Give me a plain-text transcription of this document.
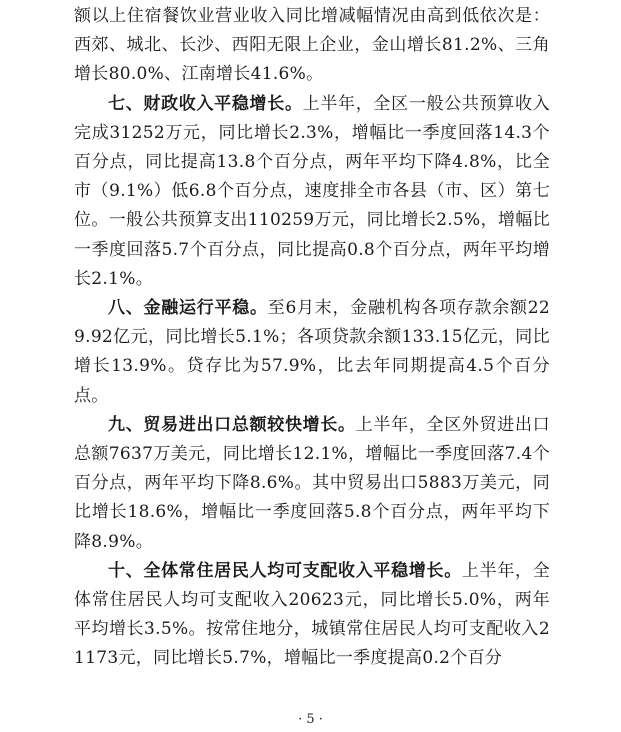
额以上住宿餐饮业营业收入同比增减幅情况由高到低依次是：西郊、城北、长沙、西阳无限上企业，金山增长81.2%、三角增长80.0%、江南增长41.6%。

七、财政收入平稳增长。上半年，全区一般公共预算收入完成31252万元，同比增长2.3%，增幅比一季度回落14.3个百分点，同比提高13.8个百分点，两年平均下降4.8%，比全市（9.1%）低6.8个百分点，速度排全市各县（市、区）第七位。一般公共预算支出110259万元，同比增长2.5%，增幅比一季度回落5.7个百分点，同比提高0.8个百分点，两年平均增长2.1%。

八、金融运行平稳。至6月末，金融机构各项存款余额229.92亿元，同比增长5.1%；各项贷款余额133.15亿元，同比增长13.9%。贷存比为57.9%，比去年同期提高4.5个百分点。

九、贸易进出口总额较快增长。上半年，全区外贸进出口总额7637万美元，同比增长12.1%，增幅比一季度回落7.4个百分点，两年平均下降8.6%。其中贸易出口5883万美元，同比增长18.6%，增幅比一季度回落5.8个百分点，两年平均下降8.9%。

十、全体常住居民人均可支配收入平稳增长。上半年，全体常住居民人均可支配收入20623元，同比增长5.0%，两年平均增长3.5%。按常住地分，城镇常住居民人均可支配收入21173元，同比增长5.7%，增幅比一季度提高0.2个百分

· 5 ·
